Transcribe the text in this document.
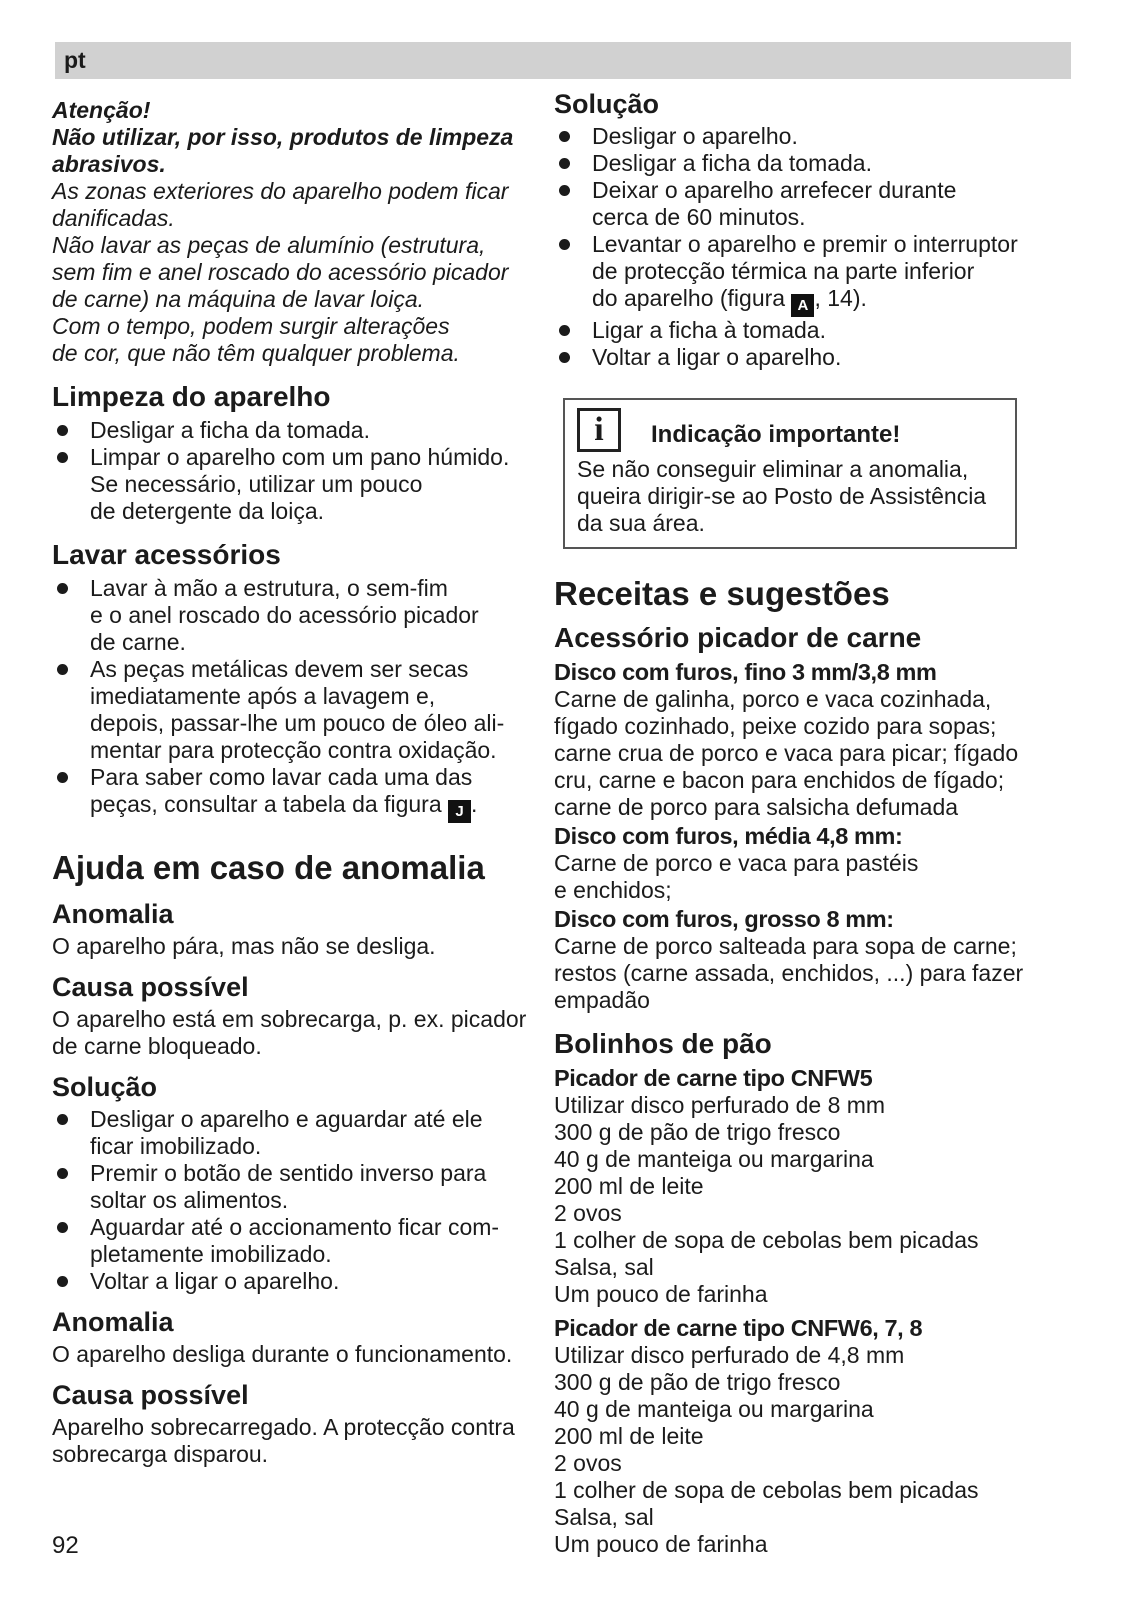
pt
Atenção!
Não utilizar, por isso, produtos de limpeza
abrasivos.
As zonas exteriores do aparelho podem ficar
danificadas.
Não lavar as peças de alumínio (estrutura,
sem fim e anel roscado do acessório picador
de carne) na máquina de lavar loiça.
Com o tempo, podem surgir alterações
de cor, que não têm qualquer problema.
Limpeza do aparelho
Desligar a ficha da tomada.
Limpar o aparelho com um pano húmido.
Se necessário, utilizar um pouco
de detergente da loiça.
Lavar acessórios
Lavar à mão a estrutura, o sem-fim
e o anel roscado do acessório picador
de carne.
As peças metálicas devem ser secas
imediatamente após a lavagem e,
depois, passar-lhe um pouco de óleo ali-
mentar para protecção contra oxidação.
Para saber como lavar cada uma das
peças, consultar a tabela da figura J .
Ajuda em caso de anomalia
Anomalia
O aparelho pára, mas não se desliga.
Causa possível
O aparelho está em sobrecarga, p. ex. picador
de carne bloqueado.
Solução
Desligar o aparelho e aguardar até ele
ficar imobilizado.
Premir o botão de sentido inverso para
soltar os alimentos.
Aguardar até o accionamento ficar com-
pletamente imobilizado.
Voltar a ligar o aparelho.
Anomalia
O aparelho desliga durante o funcionamento.
Causa possível
Aparelho sobrecarregado. A protecção contra
sobrecarga disparou.
Solução
Desligar o aparelho.
Desligar a ficha da tomada.
Deixar o aparelho arrefecer durante
cerca de 60 minutos.
Levantar o aparelho e premir o interruptor
de protecção térmica na parte inferior
do aparelho (figura A , 14).
Ligar a ficha à tomada.
Voltar a ligar o aparelho.
i	Indicação importante!
Se não conseguir eliminar a anomalia,
queira dirigir-se ao Posto de Assistência
da sua área.
Receitas e sugestões
Acessório picador de carne
Disco com furos, fino 3 mm/3,8 mm
Carne de galinha, porco e vaca cozinhada,
fígado cozinhado, peixe cozido para sopas;
carne crua de porco e vaca para picar; fígado
cru, carne e bacon para enchidos de fígado;
carne de porco para salsicha defumada
Disco com furos, média 4,8 mm:
Carne de porco e vaca para pastéis
e enchidos;
Disco com furos, grosso 8 mm:
Carne de porco salteada para sopa de carne;
restos (carne assada, enchidos, ...) para fazer
empadão
Bolinhos de pão
Picador de carne tipo CNFW5
Utilizar disco perfurado de 8 mm
300 g de pão de trigo fresco
40 g de manteiga ou margarina
200 ml de leite
2 ovos
1 colher de sopa de cebolas bem picadas
Salsa, sal
Um pouco de farinha
Picador de carne tipo CNFW6, 7, 8
Utilizar disco perfurado de 4,8 mm
300 g de pão de trigo fresco
40 g de manteiga ou margarina
200 ml de leite
2 ovos
1 colher de sopa de cebolas bem picadas
Salsa, sal
Um pouco de farinha
92
